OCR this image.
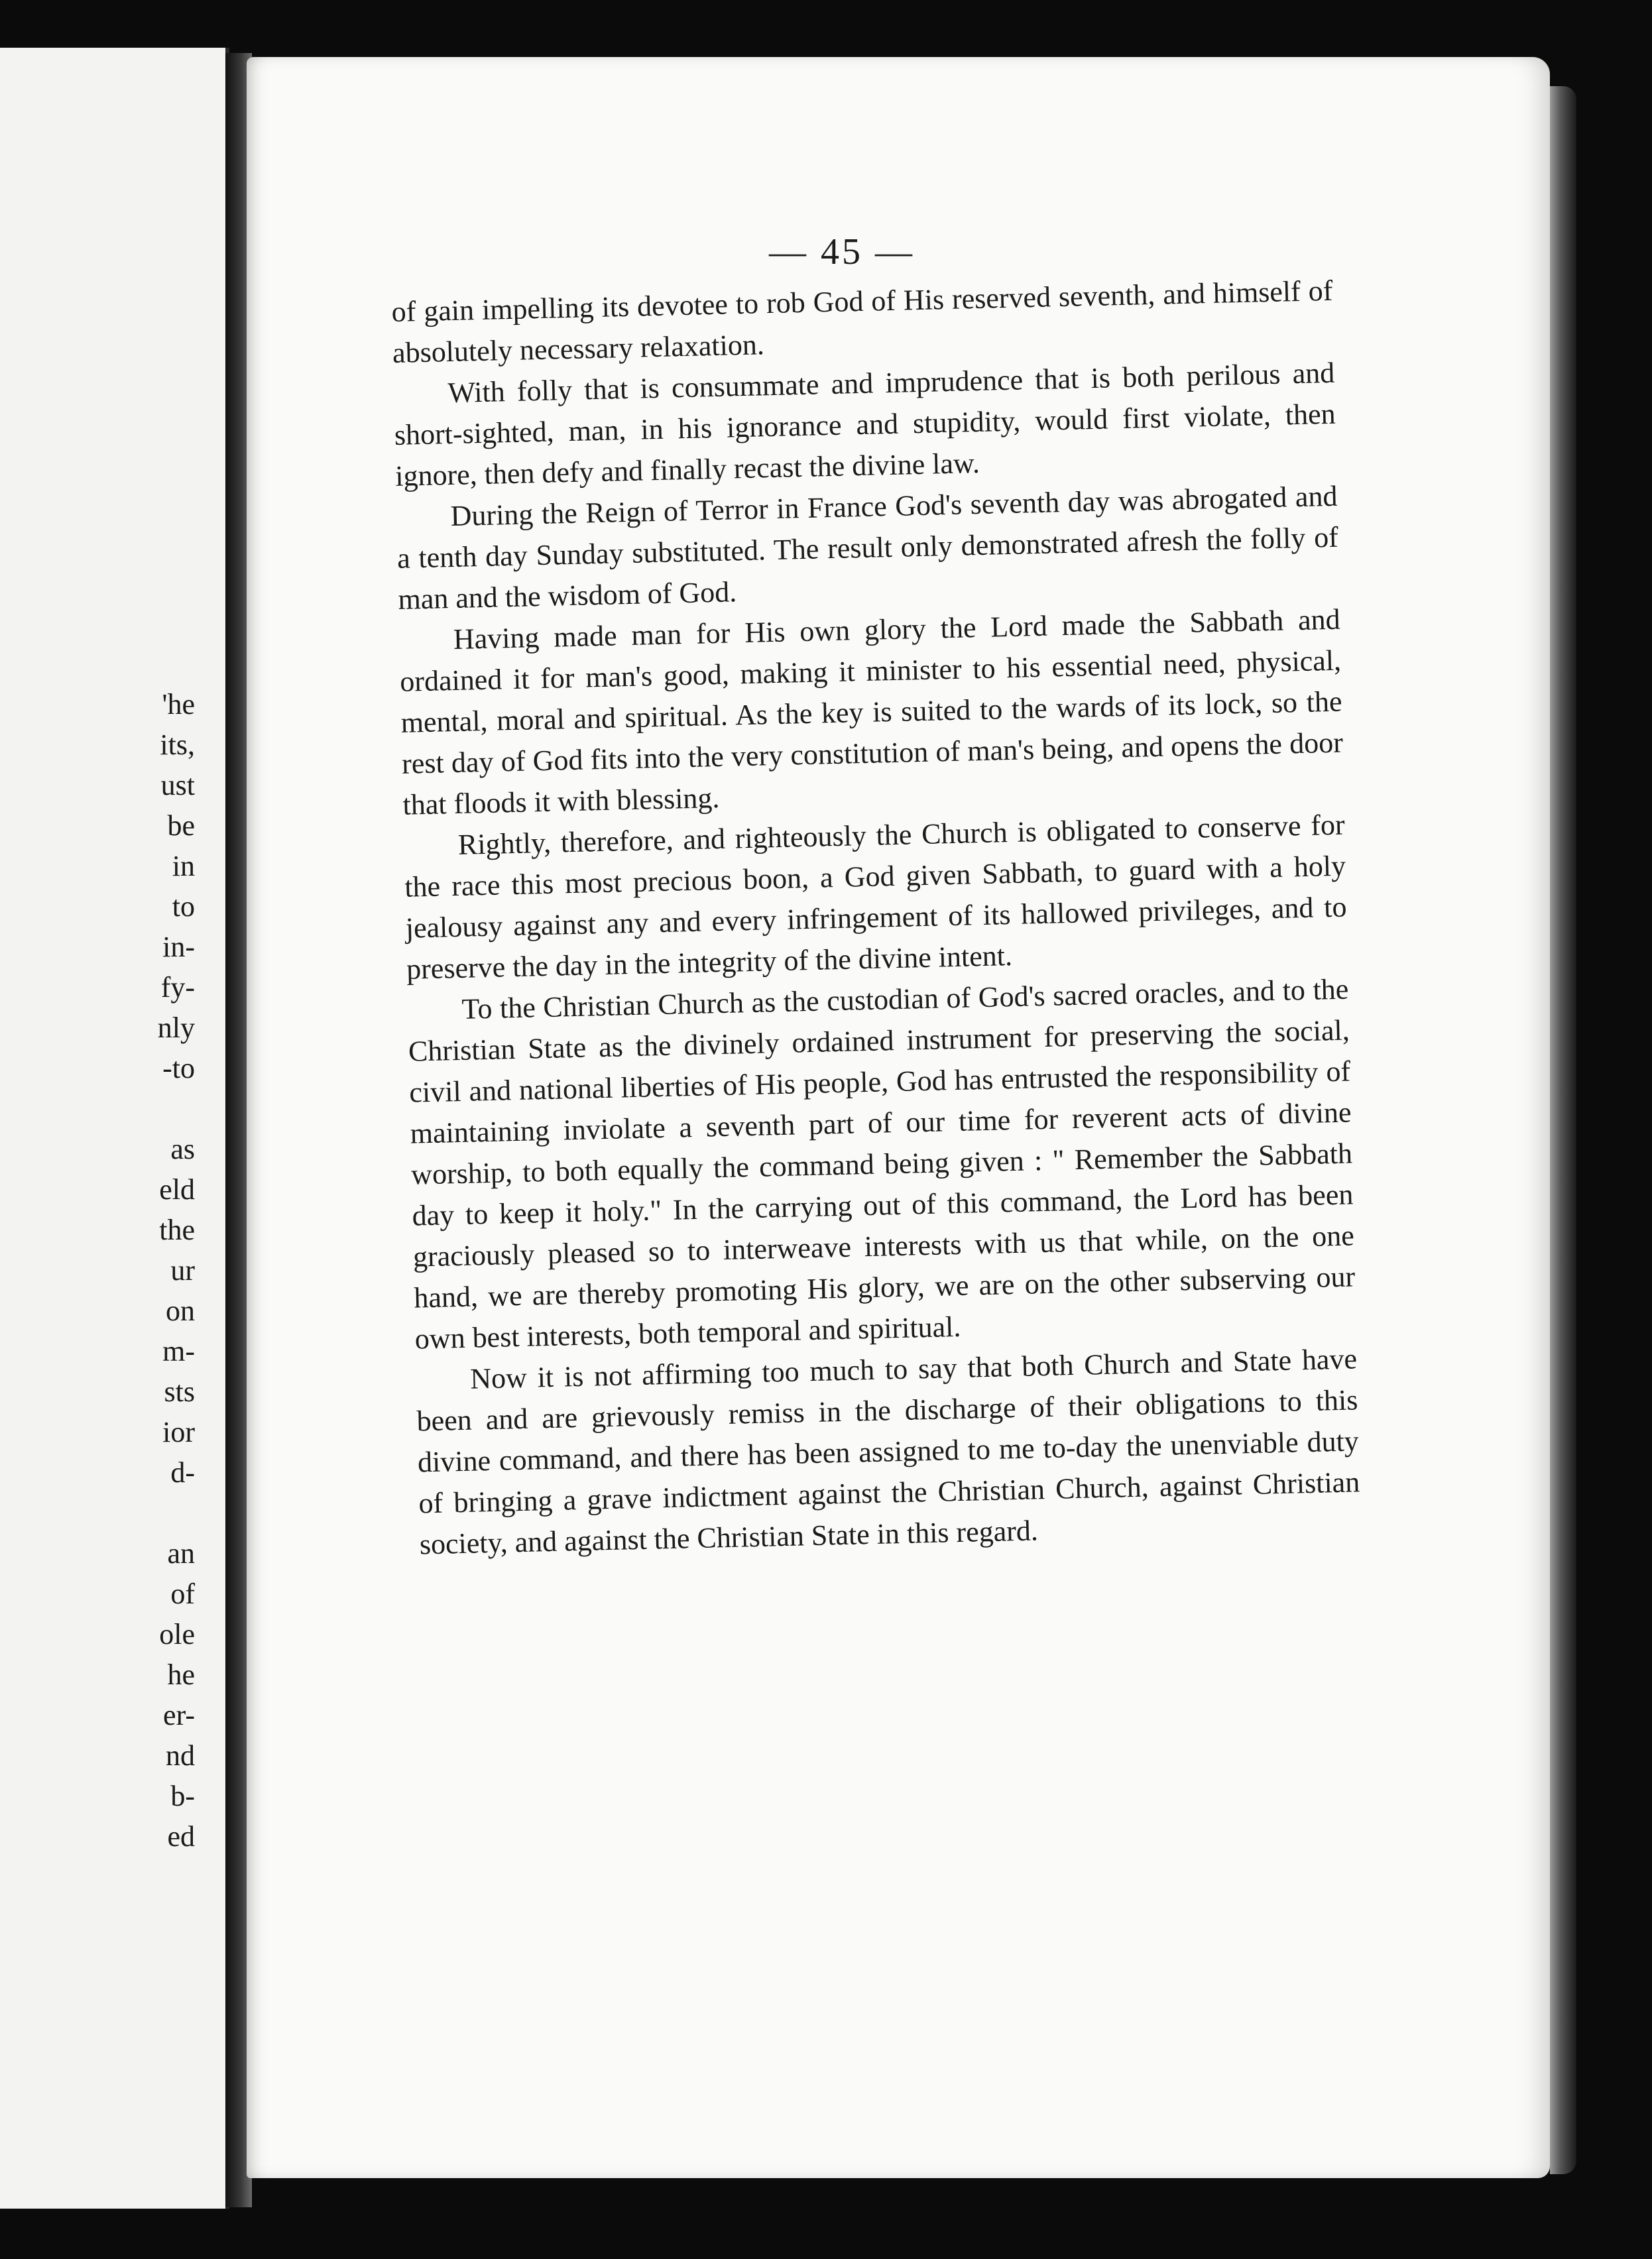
'he
its,
ust
be
in
to
in-
fy-
nly
-to
as
eld
the
ur
on
m-
sts
ior
d-
an
of
ole
he
er-
nd
b-
ed
— 45 —

of gain impelling its devotee to rob God of His reserved seventh, and himself of absolutely necessary relaxation.

With folly that is consummate and imprudence that is both perilous and short-sighted, man, in his ignorance and stupidity, would first violate, then ignore, then defy and finally recast the divine law.

During the Reign of Terror in France God's seventh day was abrogated and a tenth day Sunday substituted. The result only demonstrated afresh the folly of man and the wisdom of God.

Having made man for His own glory the Lord made the Sabbath and ordained it for man's good, making it minister to his essential need, physical, mental, moral and spiritual. As the key is suited to the wards of its lock, so the rest day of God fits into the very constitution of man's being, and opens the door that floods it with blessing.

Rightly, therefore, and righteously the Church is obligated to conserve for the race this most precious boon, a God given Sabbath, to guard with a holy jealousy against any and every infringement of its hallowed privileges, and to preserve the day in the integrity of the divine intent.

To the Christian Church as the custodian of God's sacred oracles, and to the Christian State as the divinely ordained instrument for preserving the social, civil and national liberties of His people, God has entrusted the responsibility of maintaining inviolate a seventh part of our time for reverent acts of divine worship, to both equally the command being given : " Remember the Sabbath day to keep it holy." In the carrying out of this command, the Lord has been graciously pleased so to interweave interests with us that while, on the one hand, we are thereby promoting His glory, we are on the other subserving our own best interests, both temporal and spiritual.

Now it is not affirming too much to say that both Church and State have been and are grievously remiss in the discharge of their obligations to this divine command, and there has been assigned to me to-day the unenviable duty of bringing a grave indictment against the Christian Church, against Christian society, and against the Christian State in this regard.
